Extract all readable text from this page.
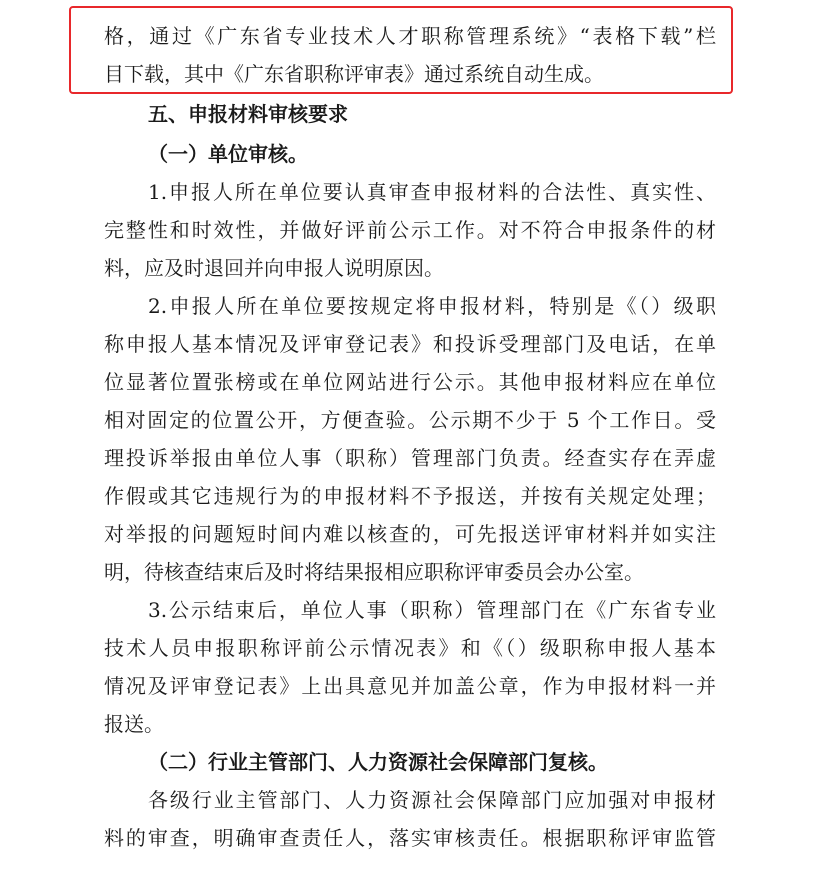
格，通过《广东省专业技术人才职称管理系统》“表格下载”栏
目下载，其中《广东省职称评审表》通过系统自动生成。
五、申报材料审核要求
（一）单位审核。
1.申报人所在单位要认真审查申报材料的合法性、真实性、
完整性和时效性，并做好评前公示工作。对不符合申报条件的材
料，应及时退回并向申报人说明原因。
2.申报人所在单位要按规定将申报材料，特别是《（）级职
称申报人基本情况及评审登记表》和投诉受理部门及电话，在单
位显著位置张榜或在单位网站进行公示。其他申报材料应在单位
相对固定的位置公开，方便查验。公示期不少于 5 个工作日。受
理投诉举报由单位人事（职称）管理部门负责。经查实存在弄虚
作假或其它违规行为的申报材料不予报送，并按有关规定处理；
对举报的问题短时间内难以核查的，可先报送评审材料并如实注
明，待核查结束后及时将结果报相应职称评审委员会办公室。
3.公示结束后，单位人事（职称）管理部门在《广东省专业
技术人员申报职称评前公示情况表》和《（）级职称申报人基本
情况及评审登记表》上出具意见并加盖公章，作为申报材料一并
报送。
（二）行业主管部门、人力资源社会保障部门复核。
各级行业主管部门、人力资源社会保障部门应加强对申报材
料的审查，明确审查责任人，落实审核责任。根据职称评审监管
